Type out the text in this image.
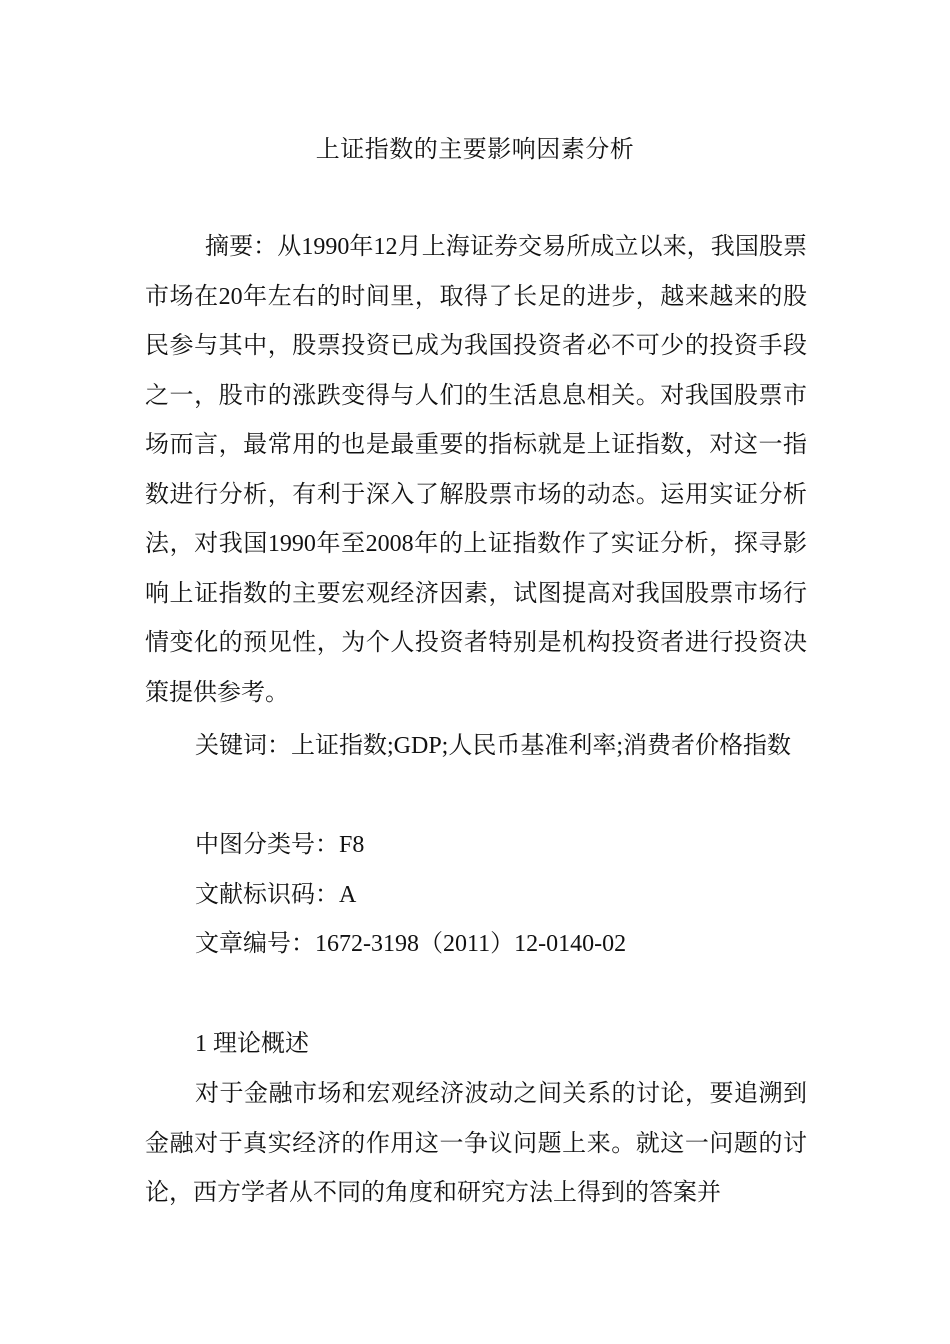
上证指数的主要影响因素分析

摘要：从1990年12月上海证券交易所成立以来，我国股票市场在20年左右的时间里，取得了长足的进步，越来越来的股民参与其中，股票投资已成为我国投资者必不可少的投资手段之一，股市的涨跌变得与人们的生活息息相关。对我国股票市场而言，最常用的也是最重要的指标就是上证指数，对这一指数进行分析，有利于深入了解股票市场的动态。运用实证分析法，对我国1990年至2008年的上证指数作了实证分析，探寻影响上证指数的主要宏观经济因素，试图提高对我国股票市场行情变化的预见性，为个人投资者特别是机构投资者进行投资决策提供参考。

关键词：上证指数;GDP;人民币基准利率;消费者价格指数

中图分类号：F8

文献标识码：A

文章编号：1672-3198（2011）12-0140-02

1 理论概述

对于金融市场和宏观经济波动之间关系的讨论，要追溯到金融对于真实经济的作用这一争议问题上来。就这一问题的讨论，西方学者从不同的角度和研究方法上得到的答案并
